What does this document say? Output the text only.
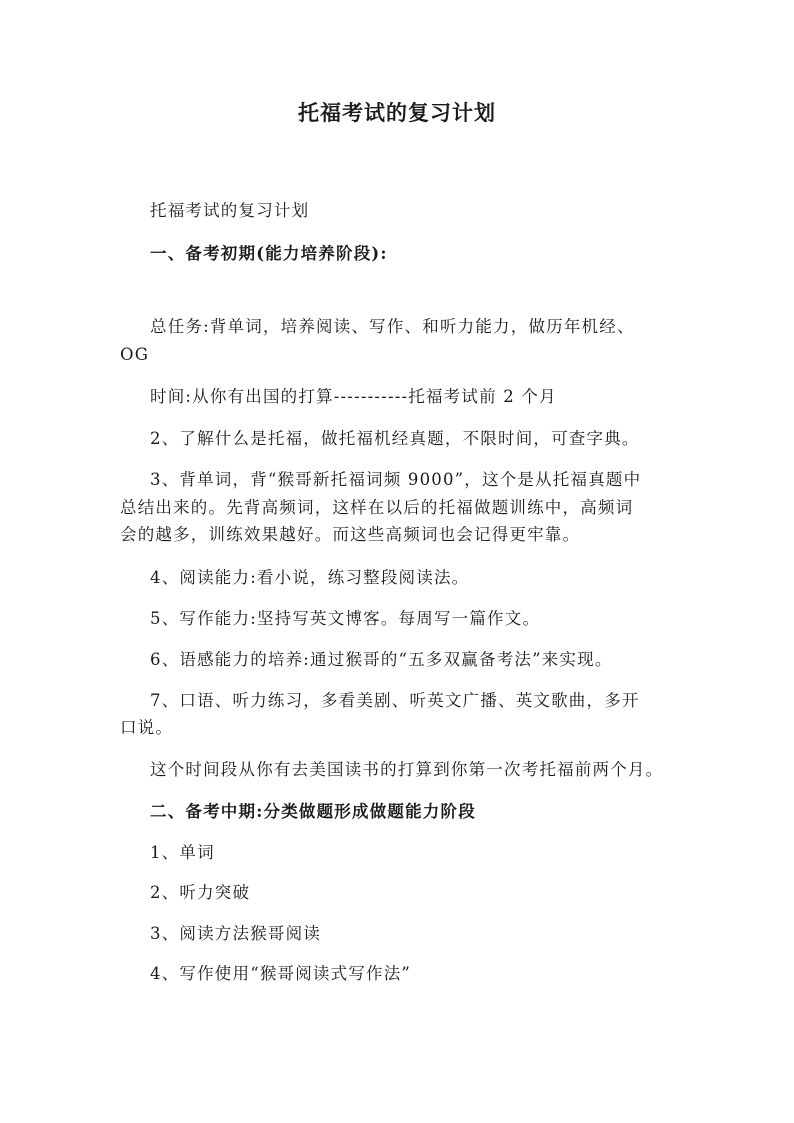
托福考试的复习计划
托福考试的复习计划
一、备考初期(能力培养阶段):
总任务:背单词，培养阅读、写作、和听力能力，做历年机经、
OG
时间:从你有出国的打算-----------托福考试前 2 个月
2、了解什么是托福，做托福机经真题，不限时间，可查字典。
3、背单词，背“猴哥新托福词频 9000”，这个是从托福真题中
总结出来的。先背高频词，这样在以后的托福做题训练中，高频词
会的越多，训练效果越好。而这些高频词也会记得更牢靠。
4、阅读能力:看小说，练习整段阅读法。
5、写作能力:坚持写英文博客。每周写一篇作文。
6、语感能力的培养:通过猴哥的“五多双赢备考法”来实现。
7、口语、听力练习，多看美剧、听英文广播、英文歌曲，多开
口说。
这个时间段从你有去美国读书的打算到你第一次考托福前两个月。
二、备考中期:分类做题形成做题能力阶段
1、单词
2、听力突破
3、阅读方法猴哥阅读
4、写作使用“猴哥阅读式写作法”
